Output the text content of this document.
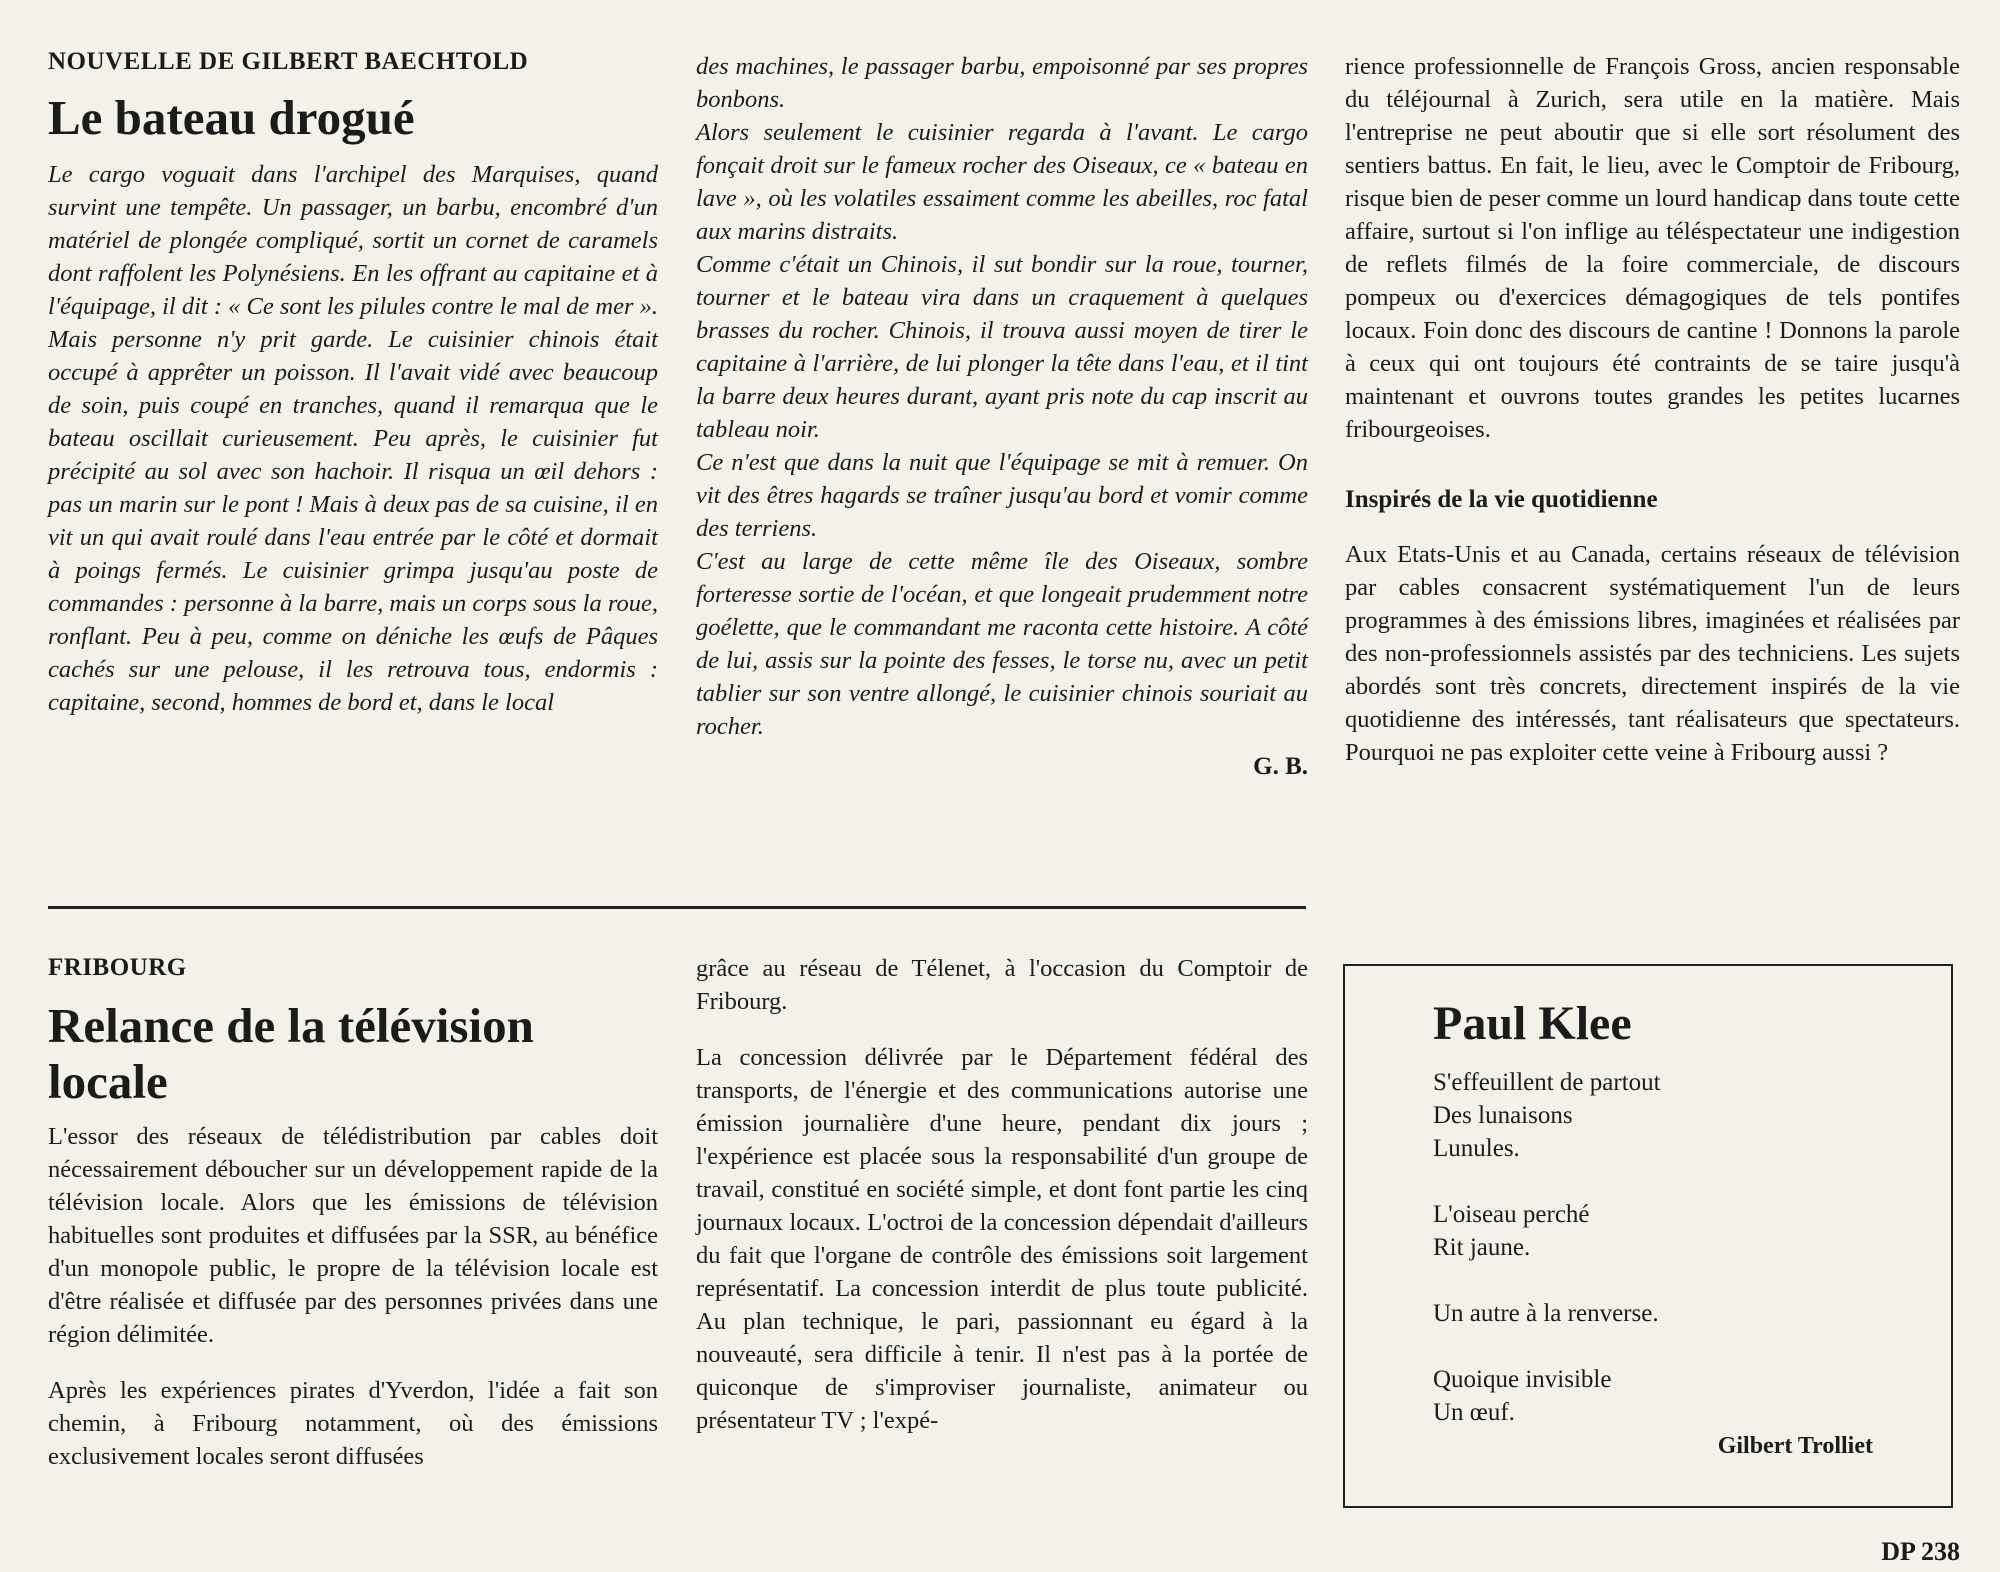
NOUVELLE DE GILBERT BAECHTOLD

Le bateau drogué

Le cargo voguait dans l'archipel des Marquises, quand survint une tempête. Un passager, un barbu, encombré d'un matériel de plongée compliqué, sortit un cornet de caramels dont raffolent les Polynésiens. En les offrant au capitaine et à l'équipage, il dit : « Ce sont les pilules contre le mal de mer ». Mais personne n'y prit garde. Le cuisinier chinois était occupé à apprêter un poisson. Il l'avait vidé avec beaucoup de soin, puis coupé en tranches, quand il remarqua que le bateau oscillait curieusement. Peu après, le cuisinier fut précipité au sol avec son hachoir. Il risqua un œil dehors : pas un marin sur le pont ! Mais à deux pas de sa cuisine, il en vit un qui avait roulé dans l'eau entrée par le côté et dormait à poings fermés. Le cuisinier grimpa jusqu'au poste de commandes : personne à la barre, mais un corps sous la roue, ronflant. Peu à peu, comme on déniche les œufs de Pâques cachés sur une pelouse, il les retrouva tous, endormis : capitaine, second, hommes de bord et, dans le local

des machines, le passager barbu, empoisonné par ses propres bonbons.

Alors seulement le cuisinier regarda à l'avant. Le cargo fonçait droit sur le fameux rocher des Oiseaux, ce « bateau en lave », où les volatiles essaiment comme les abeilles, roc fatal aux marins distraits.

Comme c'était un Chinois, il sut bondir sur la roue, tourner, tourner et le bateau vira dans un craquement à quelques brasses du rocher. Chinois, il trouva aussi moyen de tirer le capitaine à l'arrière, de lui plonger la tête dans l'eau, et il tint la barre deux heures durant, ayant pris note du cap inscrit au tableau noir.

Ce n'est que dans la nuit que l'équipage se mit à remuer. On vit des êtres hagards se traîner jusqu'au bord et vomir comme des terriens.

C'est au large de cette même île des Oiseaux, sombre forteresse sortie de l'océan, et que longeait prudemment notre goélette, que le commandant me raconta cette histoire. A côté de lui, assis sur la pointe des fesses, le torse nu, avec un petit tablier sur son ventre allongé, le cuisinier chinois souriait au rocher.

G. B.

rience professionnelle de François Gross, ancien responsable du téléjournal à Zurich, sera utile en la matière. Mais l'entreprise ne peut aboutir que si elle sort résolument des sentiers battus. En fait, le lieu, avec le Comptoir de Fribourg, risque bien de peser comme un lourd handicap dans toute cette affaire, surtout si l'on inflige au téléspectateur une indigestion de reflets filmés de la foire commerciale, de discours pompeux ou d'exercices démagogiques de tels pontifes locaux. Foin donc des discours de cantine ! Donnons la parole à ceux qui ont toujours été contraints de se taire jusqu'à maintenant et ouvrons toutes grandes les petites lucarnes fribourgeoises.

Inspirés de la vie quotidienne

Aux Etats-Unis et au Canada, certains réseaux de télévision par cables consacrent systématiquement l'un de leurs programmes à des émissions libres, imaginées et réalisées par des non-professionnels assistés par des techniciens. Les sujets abordés sont très concrets, directement inspirés de la vie quotidienne des intéressés, tant réalisateurs que spectateurs. Pourquoi ne pas exploiter cette veine à Fribourg aussi ?

FRIBOURG

Relance de la télévision
locale

L'essor des réseaux de télédistribution par cables doit nécessairement déboucher sur un développement rapide de la télévision locale. Alors que les émissions de télévision habituelles sont produites et diffusées par la SSR, au bénéfice d'un monopole public, le propre de la télévision locale est d'être réalisée et diffusée par des personnes privées dans une région délimitée.

Après les expériences pirates d'Yverdon, l'idée a fait son chemin, à Fribourg notamment, où des émissions exclusivement locales seront diffusées

grâce au réseau de Télenet, à l'occasion du Comptoir de Fribourg.

La concession délivrée par le Département fédéral des transports, de l'énergie et des communications autorise une émission journalière d'une heure, pendant dix jours ; l'expérience est placée sous la responsabilité d'un groupe de travail, constitué en société simple, et dont font partie les cinq journaux locaux. L'octroi de la concession dépendait d'ailleurs du fait que l'organe de contrôle des émissions soit largement représentatif. La concession interdit de plus toute publicité. Au plan technique, le pari, passionnant eu égard à la nouveauté, sera difficile à tenir. Il n'est pas à la portée de quiconque de s'improviser journaliste, animateur ou présentateur TV ; l'expé-

Paul Klee
S'effeuillent de partout
Des lunaisons
Lunules.
L'oiseau perché
Rit jaune.
Un autre à la renverse.
Quoique invisible
Un œuf.

Gilbert Trolliet

DP 238
